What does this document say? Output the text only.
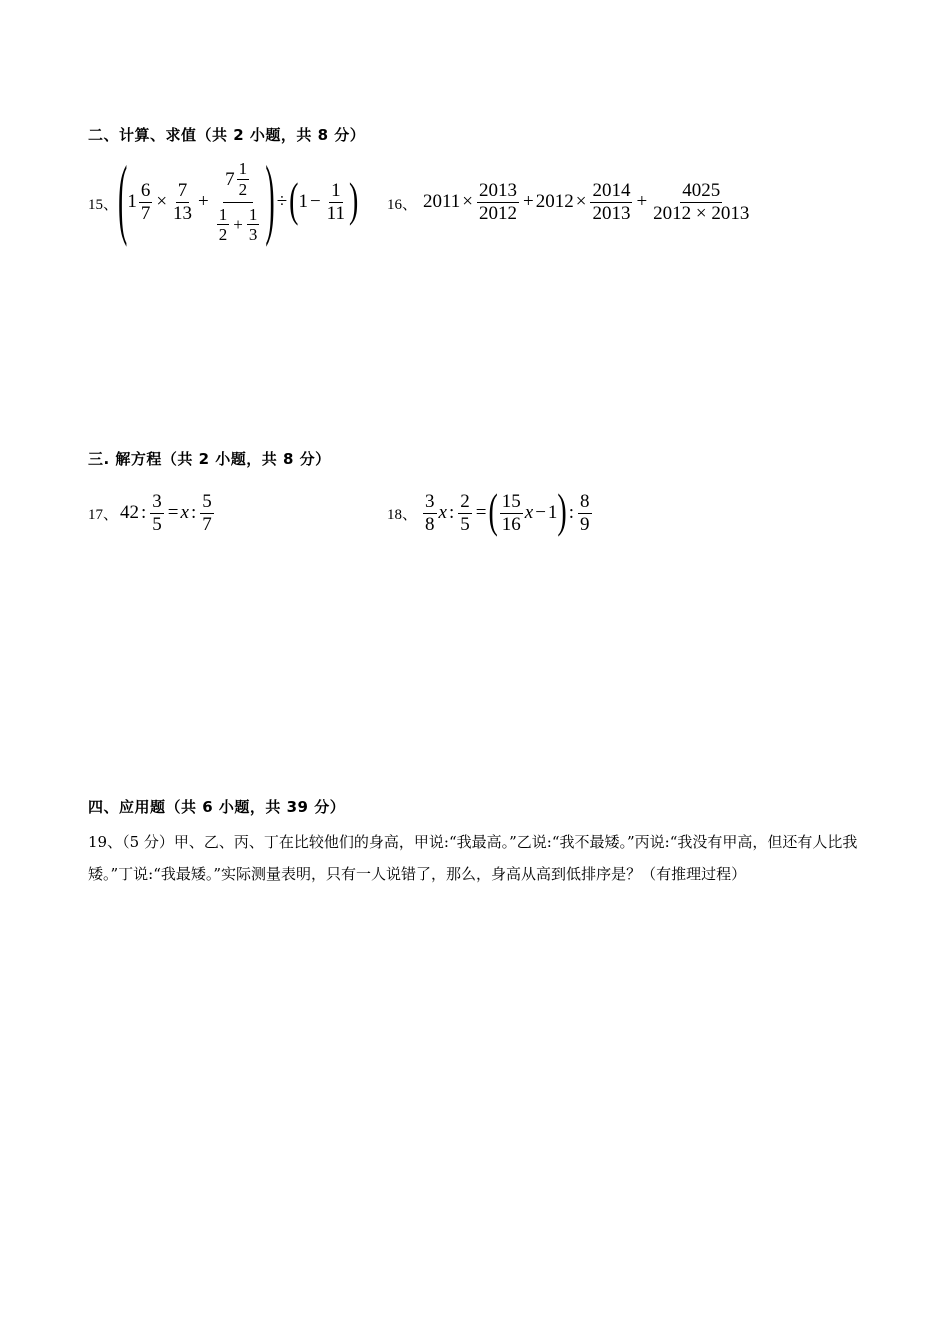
二、计算、求值（共 2 小题，共 8 分）
15、 ( $1 \frac{6}{7} \times \frac{7}{13} + 7$ 1
2
1
2
+ $\frac{1}{3}$ ) ÷ ( $1 - \frac{1}{11}$ ) 16、 $2011 \times \frac{2013}{2012} + 2012 \times \frac{2014}{2013} + \frac{4025}{2012 \times 2013}$
三. 解方程（共 2 小题，共 8 分）
17、 42 : $\frac{3}{5} = x$ :
5
7	18、
3
8
x : $\frac{2}{5}$ = ( 15
16
x − 1 ) :
8
9
四、应用题（共 6 小题，共 39 分）
19、（5 分）甲、乙、丙、丁在比较他们的身高，甲说:“我最高。”乙说:“我不最矮。”丙说:“我没有甲高，但还有人比我矮。”丁说:“我最矮。”实际测量表明，只有一人说错了，那么，身高从高到低排序是？（有推理过程）
